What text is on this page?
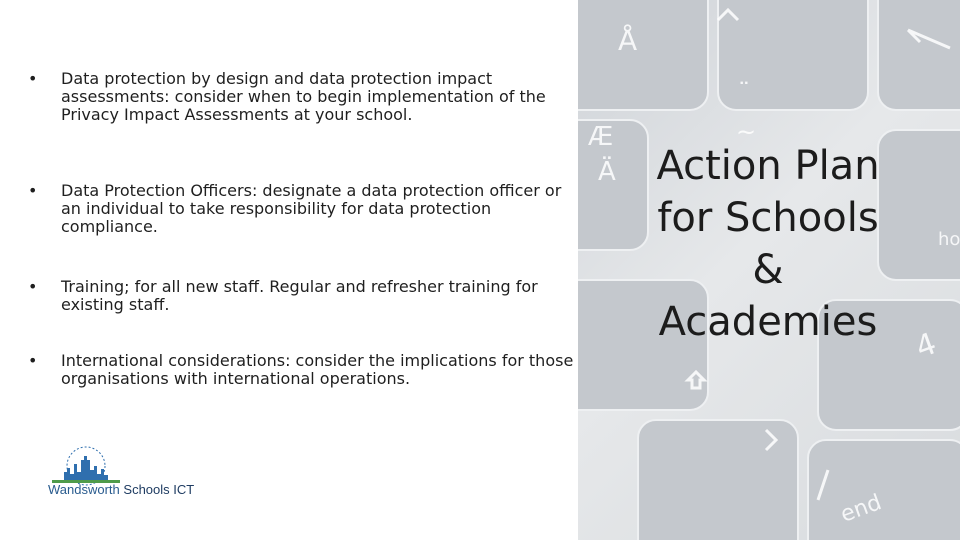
•	Data protection by design and data protection impact assessments: consider when to begin implementation of the Privacy Impact Assessments at your school.
•	Data Protection Officers: designate a data protection officer or an individual to take responsibility for data protection compliance.
•	Training; for all new staff. Regular and refresher training for existing staff.
•	International considerations: consider the implications for those organisations with international operations.
Wandsworth Schools ICT
Å
¨
~
Æ
Ä
ho
4
end
Action Plan
for Schools
&
Academies
